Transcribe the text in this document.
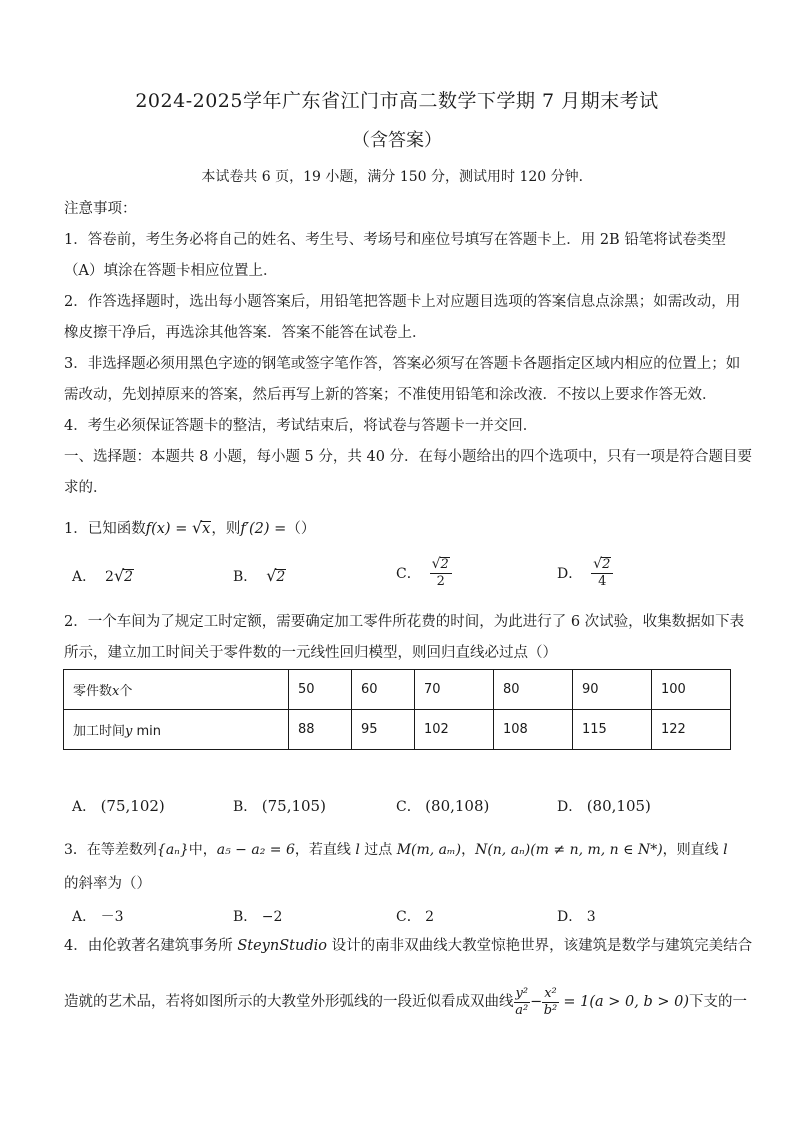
2024-2025学年广东省江门市高二数学下学期 7 月期末考试
（含答案）
本试卷共 6 页，19 小题，满分 150 分，测试用时 120 分钟．
注意事项：
1．答卷前，考生务必将自己的姓名、考生号、考场号和座位号填写在答题卡上．用 2B 铅笔将试卷类型
（A）填涂在答题卡相应位置上．
2．作答选择题时，选出每小题答案后，用铅笔把答题卡上对应题目选项的答案信息点涂黑；如需改动，用
橡皮擦干净后，再选涂其他答案．答案不能答在试卷上．
3．非选择题必须用黑色字迹的钢笔或签字笔作答，答案必须写在答题卡各题指定区域内相应的位置上；如
需改动，先划掉原来的答案，然后再写上新的答案；不准使用铅笔和涂改液．不按以上要求作答无效．
4．考生必须保证答题卡的整洁，考试结束后，将试卷与答题卡一并交回．
一、选择题：本题共 8 小题，每小题 5 分，共 40 分．在每小题给出的四个选项中，只有一项是符合题目要
求的．
1．已知函数f(x) = √x，则f′(2) =（）
A． 2√2	B． √2	C． $\frac{√2}{2}$	D． $\frac{√2}{4}$
2．一个车间为了规定工时定额，需要确定加工零件所花费的时间，为此进行了 6 次试验，收集数据如下表
所示，建立加工时间关于零件数的一元线性回归模型，则回归直线必过点（）
零件数x个	50	60	70	80	90	100
加工时间y min	88	95	102	108	115	122
A． (75,102)	B． (75,105)	C． (80,108)	D． (80,105)
3．在等差数列{aₙ}中，a₅ − a₂ = 6，若直线 l 过点 M(m, aₘ)，N(n, aₙ)(m ≠ n, m, n ∈ N*)，则直线 l
的斜率为（）
A． －3	B． −2	C． 2	D． 3
4．由伦敦著名建筑事务所 SteynStudio 设计的南非双曲线大教堂惊艳世界，该建筑是数学与建筑完美结合
造就的艺术品，若将如图所示的大教堂外形弧线的一段近似看成双曲线 $\frac{\text{y²}}{\text{a²}} - \frac{\text{x²}}{\text{b²}} = 1(a > 0$, b > 0)下支的一
